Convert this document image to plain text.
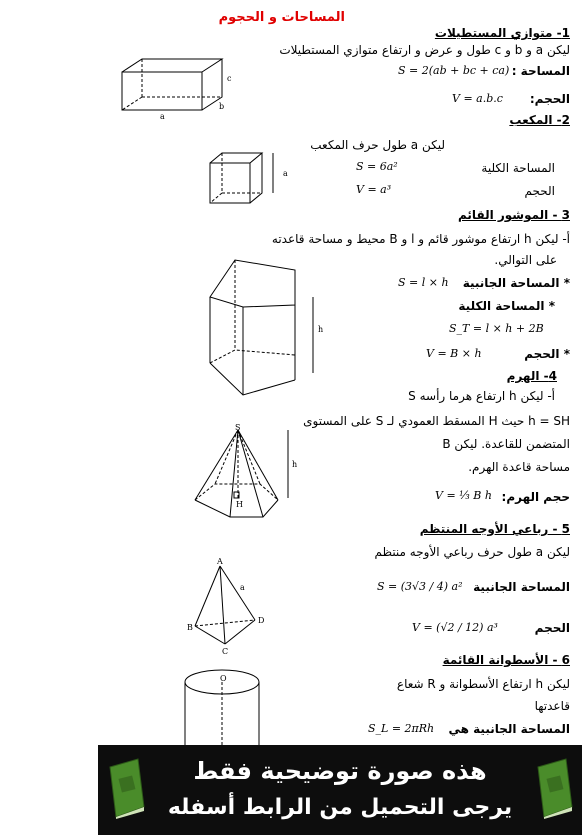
المساحات و الحجوم
1- متوازي المستطيلات
ليكن a و b و c طول و عرض و ارتفاع متوازي المستطيلات
المساحة :
S = 2(ab + bc + ca)
الحجم:
V = a.b.c
c
a
b
2- المكعب
ليكن a طول حرف المكعب
المساحة الكلية
S = 6a²
الحجم
V = a³
a
3 - الموشور القائم
أ- ليكن h ارتفاع موشور قائم و l و B محيط و مساحة قاعدته
على التوالي.
* المساحة الجانبية
S = l × h
* المساحة الكلية
S_T = l × h + 2B
* الحجم
V = B × h
h
4- الهرم
أ- ليكن h ارتفاع هرما رأسه S
h = SH حيث H المسقط العمودي لـ S على المستوى
المتضمن للقاعدة. ليكن B
مساحة قاعدة الهرم.
حجم الهرم:
V = ⅓ B h
S
h
H
5 - رباعي الأوجه المنتظم
ليكن a طول حرف رباعي الأوجه منتظم
المساحة الجانبية
S = (3√3 / 4) a²
الحجم
V = (√2 / 12) a³
A
a
B
D
C
6 - الأسطوانة القائمة
ليكن h ارتفاع الأسطوانة و R شعاع
قاعدتها
المساحة الجانبية هي
S_L = 2πRh
O
هذه صورة توضيحية فقط
يرجى التحميل من الرابط أسفله
